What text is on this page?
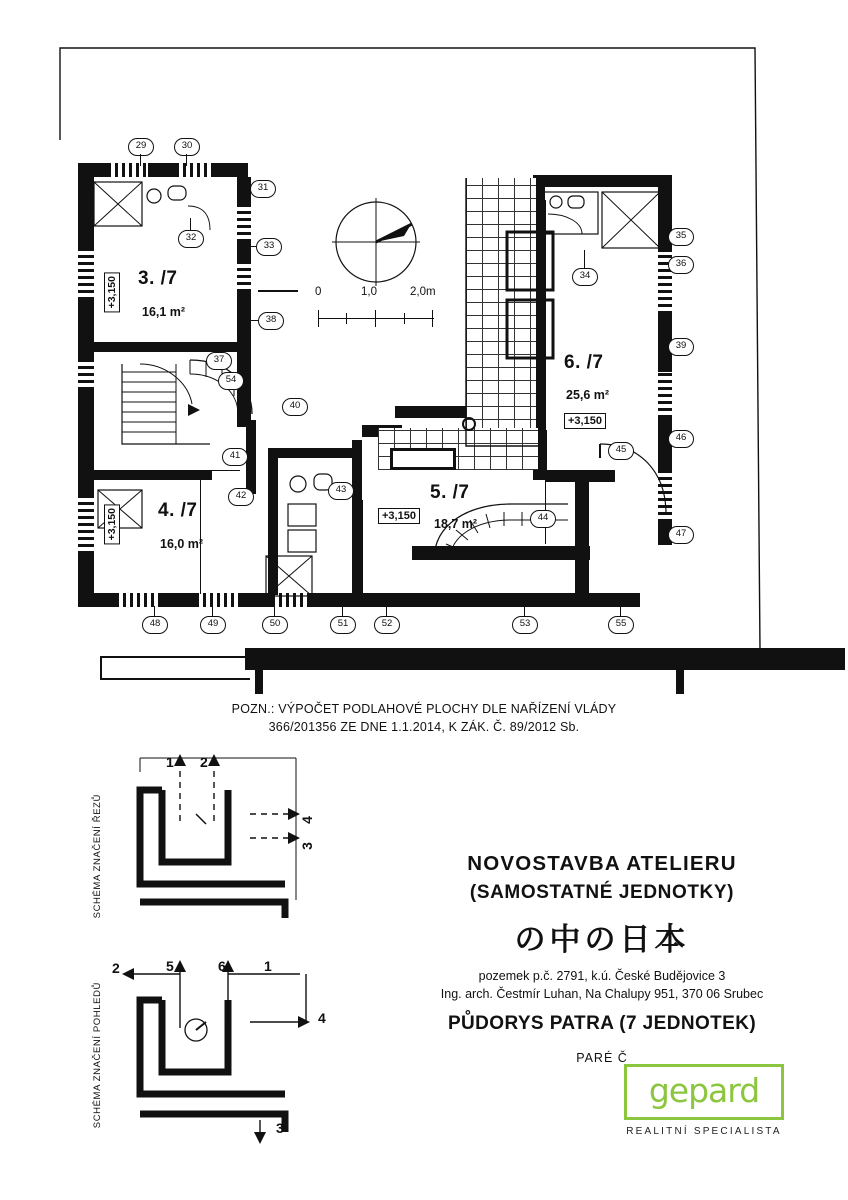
0	1,0	2,0m
3. /7
16,1 m²
+3,150
4. /7
16,0 m²
+3,150
5. /7
18,7 m²
+3,150
6. /7
25,6 m²
+3,150
29	30
31
32
33
34
35
36
37
38
39
40
41
42
43
44
45
46
47
54
48	49	50	51	52	53	55
POZN.: VÝPOČET PODLAHOVÉ PLOCHY DLE NAŘÍZENÍ VLÁDY
366/201356 ZE DNE 1.1.2014, K ZÁK. Č. 89/2012 Sb.
SCHÉMA ZNAČENÍ ŘEZŮ
1 2
4
3
SCHÉMA ZNAČENÍ POHLEDŮ
2	5	6	1
4
3
NOVOSTAVBA ATELIERU
(SAMOSTATNÉ JEDNOTKY)
の中の日本
pozemek p.č. 2791, k.ú. České Budějovice 3
Ing. arch. Čestmír Luhan, Na Chalupy 951, 370 06 Srubec
PŮDORYS PATRA (7 JEDNOTEK)
PARÉ Č
gepard
REALITNÍ SPECIALISTA
